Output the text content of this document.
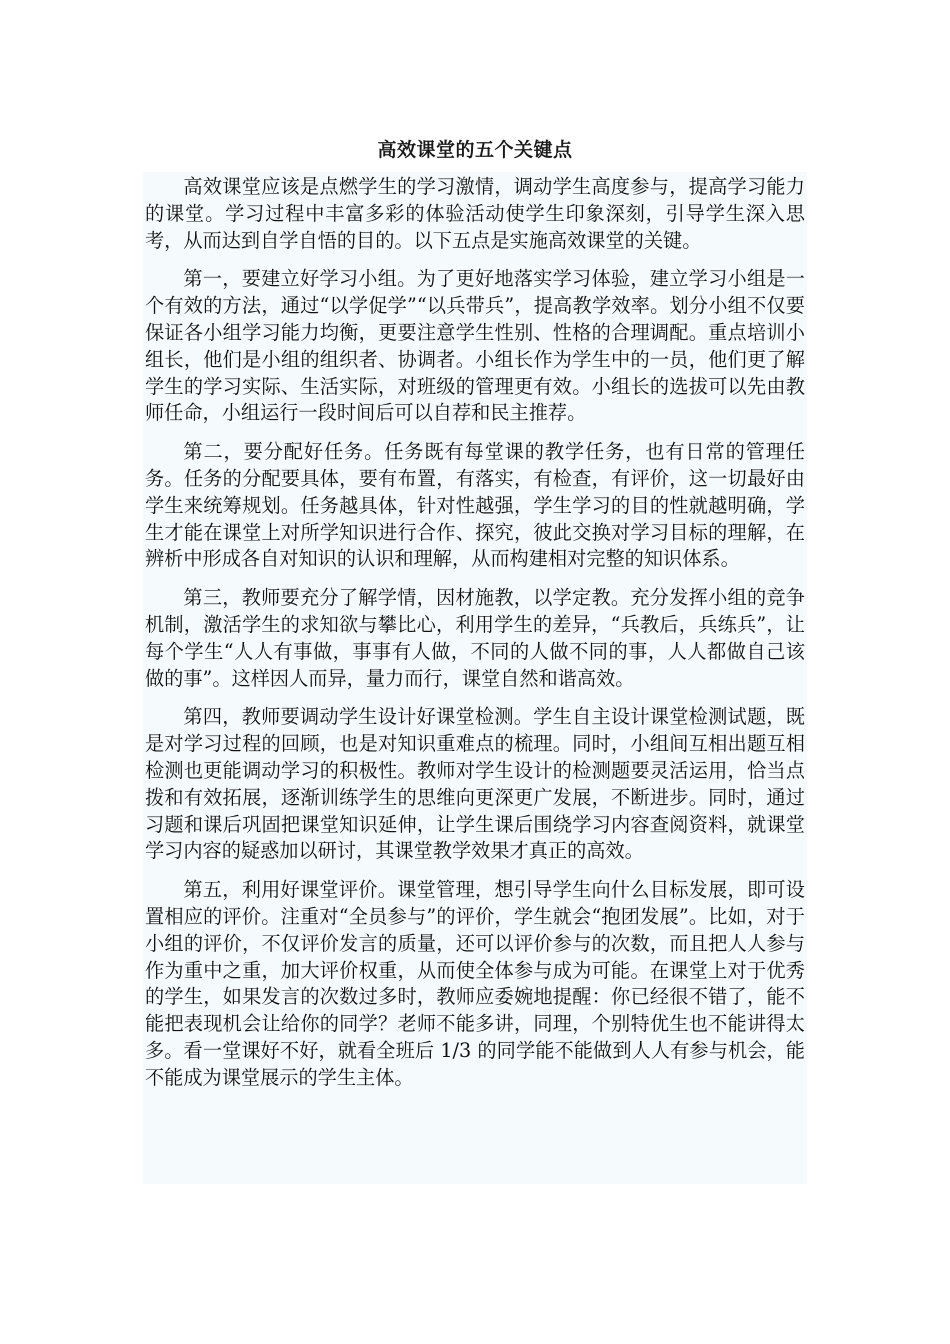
高效课堂的五个关键点

高效课堂应该是点燃学生的学习激情，调动学生高度参与，提高学习能力的课堂。学习过程中丰富多彩的体验活动使学生印象深刻，引导学生深入思考，从而达到自学自悟的目的。以下五点是实施高效课堂的关键。

第一，要建立好学习小组。为了更好地落实学习体验，建立学习小组是一个有效的方法，通过“以学促学”“以兵带兵”，提高教学效率。划分小组不仅要保证各小组学习能力均衡，更要注意学生性别、性格的合理调配。重点培训小组长，他们是小组的组织者、协调者。小组长作为学生中的一员，他们更了解学生的学习实际、生活实际，对班级的管理更有效。小组长的选拔可以先由教师任命，小组运行一段时间后可以自荐和民主推荐。

第二，要分配好任务。任务既有每堂课的教学任务，也有日常的管理任务。任务的分配要具体，要有布置，有落实，有检查，有评价，这一切最好由学生来统筹规划。任务越具体，针对性越强，学生学习的目的性就越明确，学生才能在课堂上对所学知识进行合作、探究，彼此交换对学习目标的理解，在辨析中形成各自对知识的认识和理解，从而构建相对完整的知识体系。

第三，教师要充分了解学情，因材施教，以学定教。充分发挥小组的竞争机制，激活学生的求知欲与攀比心，利用学生的差异，“兵教后，兵练兵”，让每个学生“人人有事做，事事有人做，不同的人做不同的事，人人都做自己该做的事”。这样因人而异，量力而行，课堂自然和谐高效。

第四，教师要调动学生设计好课堂检测。学生自主设计课堂检测试题，既是对学习过程的回顾，也是对知识重难点的梳理。同时，小组间互相出题互相检测也更能调动学习的积极性。教师对学生设计的检测题要灵活运用，恰当点拨和有效拓展，逐渐训练学生的思维向更深更广发展，不断进步。同时，通过习题和课后巩固把课堂知识延伸，让学生课后围绕学习内容查阅资料，就课堂学习内容的疑惑加以研讨，其课堂教学效果才真正的高效。

第五，利用好课堂评价。课堂管理，想引导学生向什么目标发展，即可设置相应的评价。注重对“全员参与”的评价，学生就会“抱团发展”。比如，对于小组的评价，不仅评价发言的质量，还可以评价参与的次数，而且把人人参与作为重中之重，加大评价权重，从而使全体参与成为可能。在课堂上对于优秀的学生，如果发言的次数过多时，教师应委婉地提醒：你已经很不错了，能不能把表现机会让给你的同学？老师不能多讲，同理，个别特优生也不能讲得太多。看一堂课好不好，就看全班后 1/3 的同学能不能做到人人有参与机会，能不能成为课堂展示的学生主体。
